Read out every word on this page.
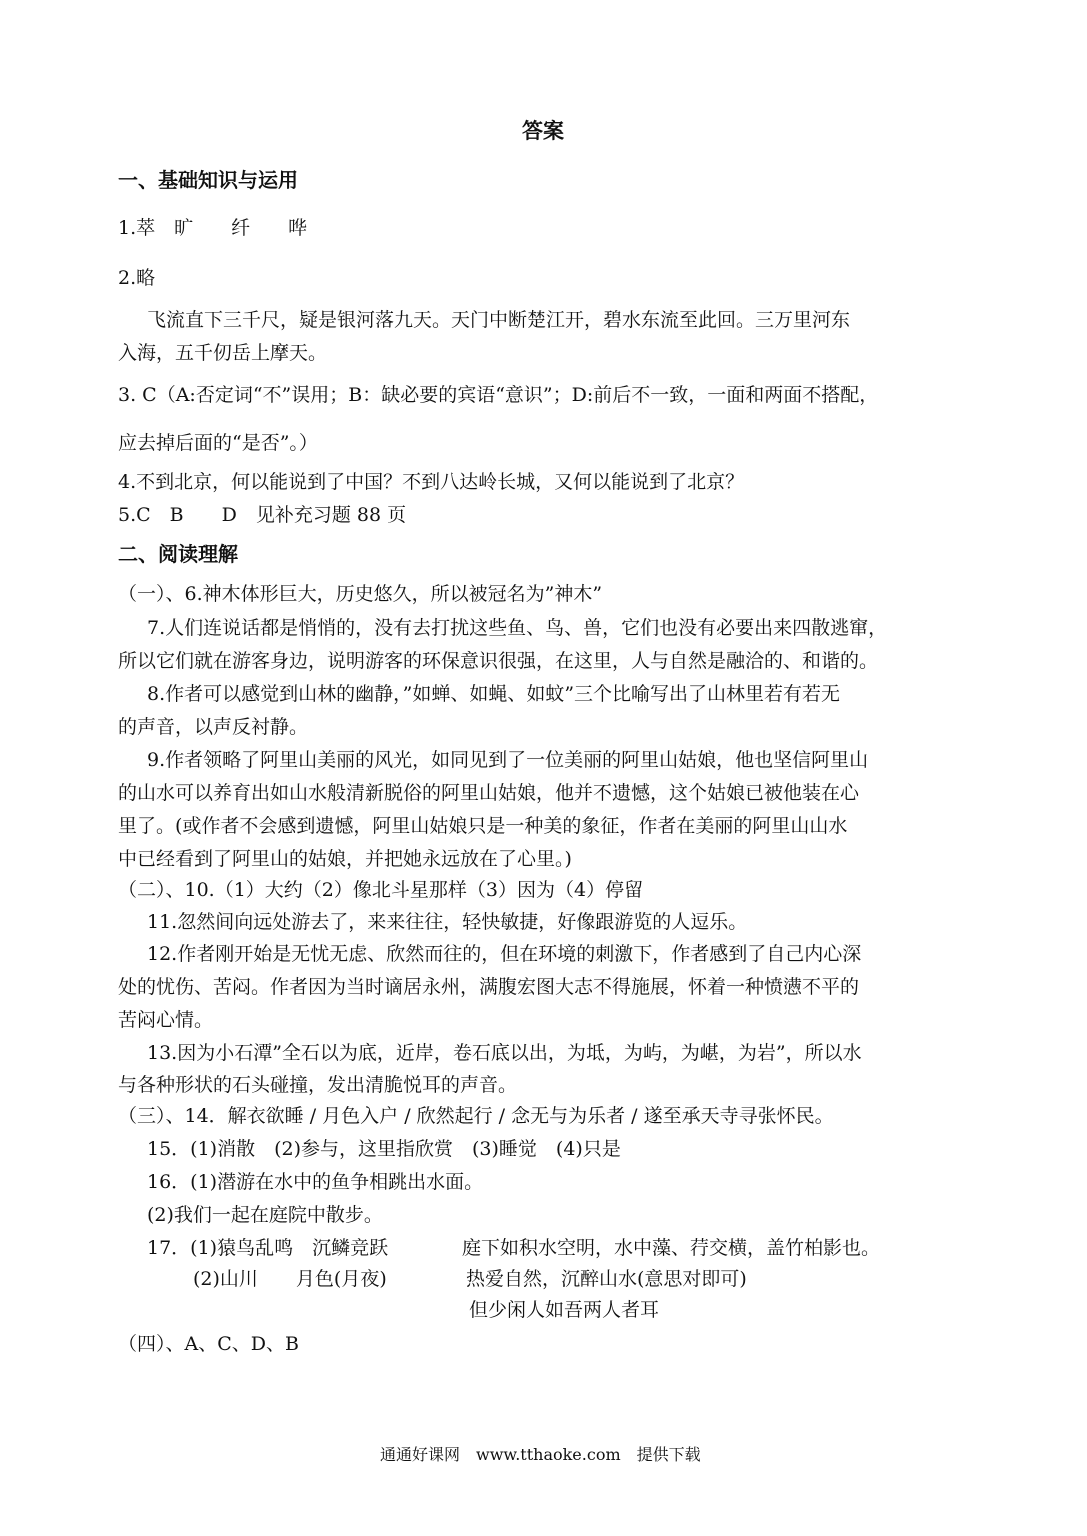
答案
一、基础知识与运用
1.萃　旷　　纤　　哗
2.略
飞流直下三千尺，疑是银河落九天。天门中断楚江开，碧水东流至此回。三万里河东
入海，五千仞岳上摩天。
3. C（A:否定词“不”误用；B：缺必要的宾语“意识”；D:前后不一致，一面和两面不搭配，
应去掉后面的“是否”。）
4.不到北京，何以能说到了中国？不到八达岭长城，又何以能说到了北京？
5.C　B　　D　见补充习题 88 页
二、阅读理解
（一）、6.神木体形巨大，历史悠久，所以被冠名为”神木”
7.人们连说话都是悄悄的，没有去打扰这些鱼、鸟、兽，它们也没有必要出来四散逃窜，
所以它们就在游客身边，说明游客的环保意识很强，在这里，人与自然是融洽的、和谐的。
8.作者可以感觉到山林的幽静，”如蝉、如蝇、如蚊”三个比喻写出了山林里若有若无
的声音，以声反衬静。
9.作者领略了阿里山美丽的风光，如同见到了一位美丽的阿里山姑娘，他也坚信阿里山
的山水可以养育出如山水般清新脱俗的阿里山姑娘，他并不遗憾，这个姑娘已被他装在心
里了。(或作者不会感到遗憾，阿里山姑娘只是一种美的象征，作者在美丽的阿里山山水
中已经看到了阿里山的姑娘，并把她永远放在了心里。)
（二）、10.（1）大约（2）像北斗星那样（3）因为（4）停留
11.忽然间向远处游去了，来来往往，轻快敏捷，好像跟游览的人逗乐。
12.作者刚开始是无忧无虑、欣然而往的，但在环境的刺激下，作者感到了自己内心深
处的忧伤、苦闷。作者因为当时谪居永州，满腹宏图大志不得施展，怀着一种愤懑不平的
苦闷心情。
13.因为小石潭”全石以为底，近岸，卷石底以出，为坻，为屿，为嵁，为岩”，所以水
与各种形状的石头碰撞，发出清脆悦耳的声音。
（三）、14．解衣欲睡 / 月色入户 / 欣然起行 / 念无与为乐者 / 遂至承天寺寻张怀民。
15．(1)消散　(2)参与，这里指欣赏　(3)睡觉　(4)只是
16．(1)潜游在水中的鱼争相跳出水面。
(2)我们一起在庭院中散步。
17．(1)猿鸟乱鸣　沉鳞竞跃	庭下如积水空明，水中藻、荇交横，盖竹柏影也。
(2)山川　　月色(月夜)	热爱自然，沉醉山水(意思对即可)
但少闲人如吾两人者耳
（四）、A、C、D、B
通通好课网　www.tthaoke.com　提供下载
